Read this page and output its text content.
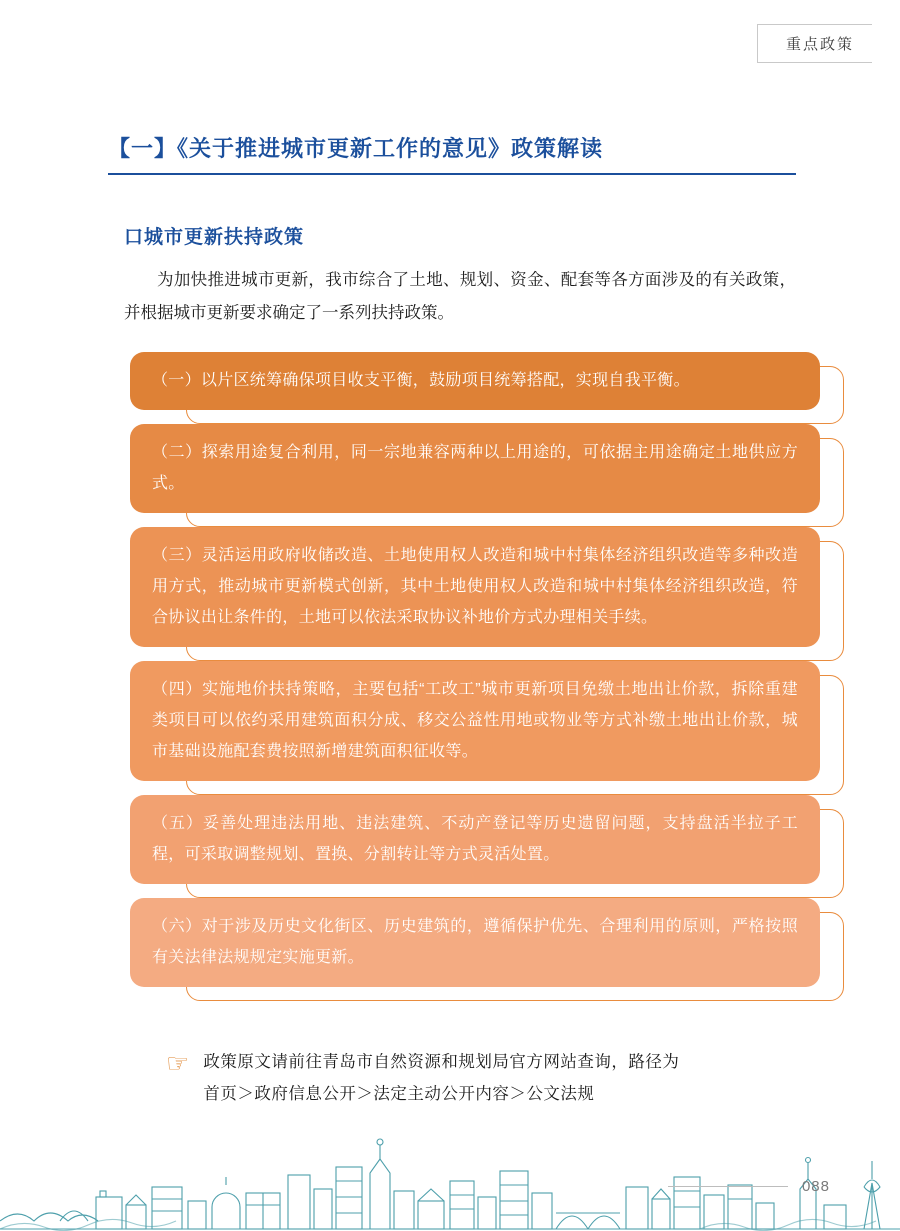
重点政策
【一】《关于推进城市更新工作的意见》政策解读
口城市更新扶持政策
为加快推进城市更新，我市综合了土地、规划、资金、配套等各方面涉及的有关政策，并根据城市更新要求确定了一系列扶持政策。
（一）以片区统筹确保项目收支平衡，鼓励项目统筹搭配，实现自我平衡。
（二）探索用途复合利用，同一宗地兼容两种以上用途的，可依据主用途确定土地供应方式。
（三）灵活运用政府收储改造、土地使用权人改造和城中村集体经济组织改造等多种改造用方式，推动城市更新模式创新，其中土地使用权人改造和城中村集体经济组织改造，符合协议出让条件的，土地可以依法采取协议补地价方式办理相关手续。
（四）实施地价扶持策略，主要包括“工改工”城市更新项目免缴土地出让价款，拆除重建类项目可以依约采用建筑面积分成、移交公益性用地或物业等方式补缴土地出让价款，城市基础设施配套费按照新增建筑面积征收等。
（五）妥善处理违法用地、违法建筑、不动产登记等历史遗留问题，支持盘活半拉子工程，可采取调整规划、置换、分割转让等方式灵活处置。
（六）对于涉及历史文化街区、历史建筑的，遵循保护优先、合理利用的原则，严格按照有关法律法规规定实施更新。
☞ 政策原文请前往青岛市自然资源和规划局官方网站查询，路径为
首页＞政府信息公开＞法定主动公开内容＞公文法规
088
